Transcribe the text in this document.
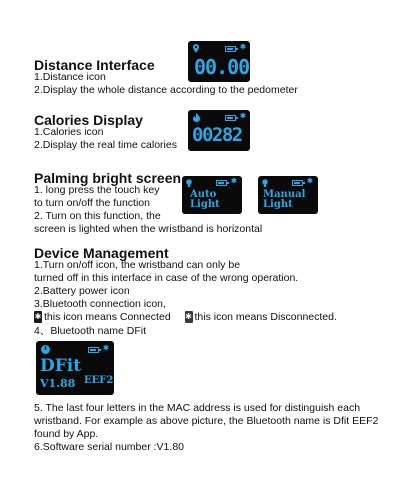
Distance Interface
1.Distance icon
2.Display the whole distance according to the pedometer
✱
00.00
Calories Display
1.Calories icon
2.Display the real time calories
✱
00282
Palming bright screen
1. long press the touch key
to turn on/off the function
2. Turn on this function, the
screen is lighted when the wristband is horizontal
✱
Auto
Light
✱
Manual
Light
Device Management
1.Turn on/off icon, the wristband can only be
turned off in this interface in case of the wrong operation.
2.Battery power icon
3.Bluetooth connection icon,
✱ this icon means Connected ✱ this icon means Disconnected.
4、Bluetooth name DFit
✱
DFit
V1.88 EEF2
5. The last four letters in the MAC address is used for distinguish each
wristband. For example as above picture, the Bluetooth name is Dfit EEF2
found by App.
6.Software serial number :V1.80
